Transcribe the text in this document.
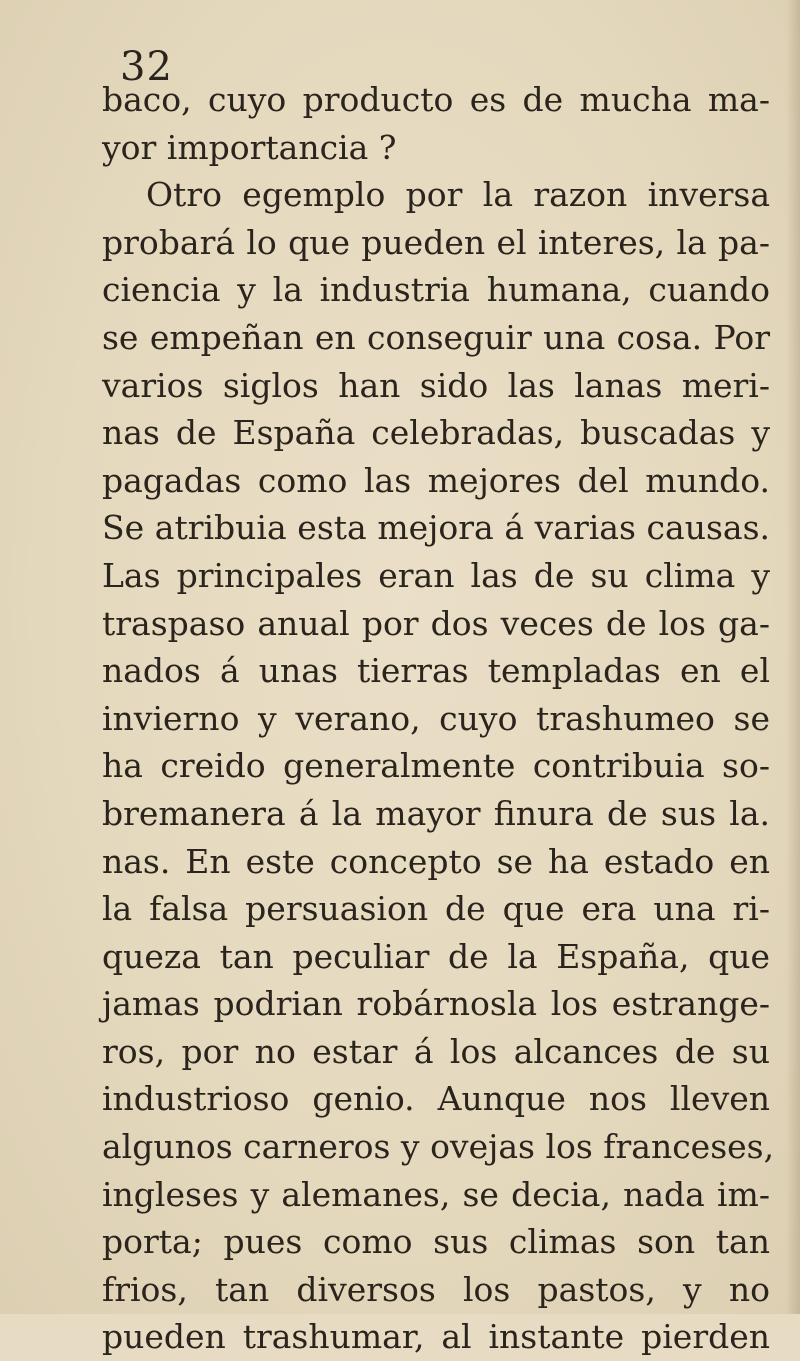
32
baco, cuyo producto es de mucha ma-
yor importancia ?
Otro egemplo por la razon inversa
probará lo que pueden el interes, la pa-
ciencia y la industria humana, cuando
se empeñan en conseguir una cosa. Por
varios siglos han sido las lanas meri-
nas de España celebradas, buscadas y
pagadas como las mejores del mundo.
Se atribuia esta mejora á varias causas.
Las principales eran las de su clima y
traspaso anual por dos veces de los ga-
nados á unas tierras templadas en el
invierno y verano, cuyo trashumeo se
ha creido generalmente contribuia so-
bremanera á la mayor finura de sus la.
nas. En este concepto se ha estado en
la falsa persuasion de que era una ri-
queza tan peculiar de la España, que
jamas podrian robárnosla los estrange-
ros, por no estar á los alcances de su
industrioso genio. Aunque nos lleven
algunos carneros y ovejas los franceses,
ingleses y alemanes, se decia, nada im-
porta; pues como sus climas son tan
frios, tan diversos los pastos, y no
pueden trashumar, al instante pierden
